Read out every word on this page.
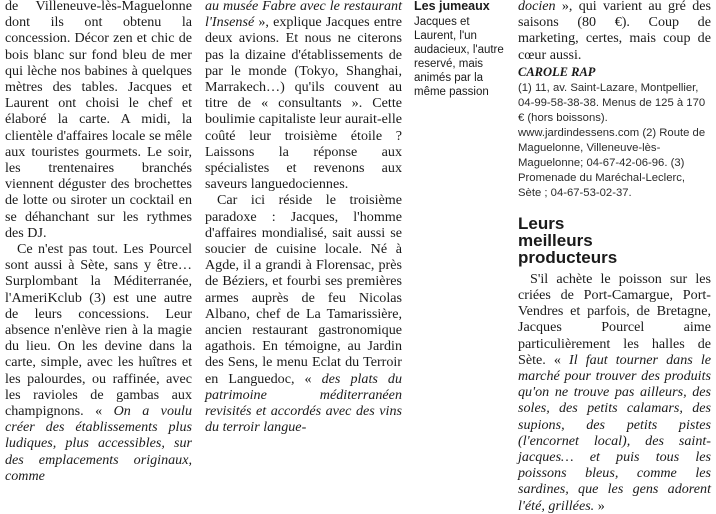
de Villeneuve-lès-Maguelonne dont ils ont obtenu la concession. Décor zen et chic de bois blanc sur fond bleu de mer qui lèche nos babines à quelques mètres des tables. Jacques et Laurent ont choisi le chef et élaboré la carte. A midi, la clientèle d'affaires locale se mêle aux touristes gourmets. Le soir, les trentenaires branchés viennent déguster des brochettes de lotte ou siroter un cocktail en se déhanchant sur les rythmes des DJ.

Ce n'est pas tout. Les Pourcel sont aussi à Sète, sans y être… Surplombant la Méditerranée, l'AmeriKclub (3) est une autre de leurs concessions. Leur absence n'enlève rien à la magie du lieu. On les devine dans la carte, simple, avec les huîtres et les palourdes, ou raffinée, avec les ravioles de gambas aux champignons. « On a voulu créer des établissements plus ludiques, plus accessibles, sur des emplacements originaux, comme

au musée Fabre avec le restaurant l'Insensé », explique Jacques entre deux avions. Et nous ne citerons pas la dizaine d'établissements de par le monde (Tokyo, Shanghai, Marrakech…) qu'ils couvent au titre de « consultants ». Cette boulimie capitaliste leur aurait-elle coûté leur troisième étoile ? Laissons la réponse aux spécialistes et revenons aux saveurs languedociennes.

Car ici réside le troisième paradoxe : Jacques, l'homme d'affaires mondialisé, sait aussi se soucier de cuisine locale. Né à Agde, il a grandi à Florensac, près de Béziers, et fourbi ses premières armes auprès de feu Nicolas Albano, chef de La Tamarissière, ancien restaurant gastronomique agathois. En témoigne, au Jardin des Sens, le menu Eclat du Terroir en Languedoc, « des plats du patrimoine méditerranéen revisités et accordés avec des vins du terroir langue-

Les jumeaux
Jacques et Laurent, l'un audacieux, l'autre reservé, mais animés par la même passion

docien », qui varient au gré des saisons (80 €). Coup de marketing, certes, mais coup de cœur aussi.

CAROLE RAP
(1) 11, av. Saint-Lazare, Montpellier, 04-99-58-38-38. Menus de 125 à 170 € (hors boissons). www.jardindessens.com (2) Route de Maguelonne, Villeneuve-lès-Maguelonne; 04-67-42-06-96. (3) Promenade du Maréchal-Leclerc, Sète ; 04-67-53-02-37.
Leurs meilleurs producteurs

S'il achète le poisson sur les criées de Port-Camargue, Port-Vendres et parfois, de Bretagne, Jacques Pourcel aime particulièrement les halles de Sète. « Il faut tourner dans le marché pour trouver des produits qu'on ne trouve pas ailleurs, des soles, des petits calamars, des supions, des petits pistes (l'encornet local), des saint-jacques… et puis tous les poissons bleus, comme les sardines, que les gens adorent l'été, grillées. »
